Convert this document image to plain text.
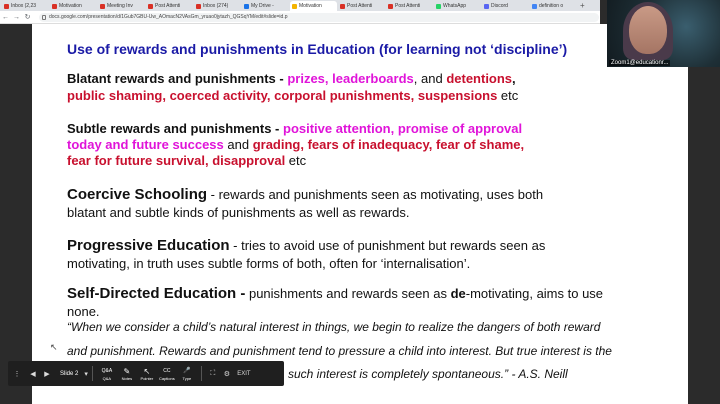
Inbox (2,23	Motivation	Meeting Inv	Post Attenti	Inbox (274)	My Drive -	Motivation	Post Attenti	Post Attenti	WhatsApp	Discord	definition o +
← → ↻	docs.google.com/presentation/d/1Gub7GBU-Uw_AOmacN2VAsGm_yruao0jytazh_QGSqYM/edit#slide=id.p
Use of rewards and punishments in Education (for learning not ‘discipline’)
Blatant rewards and punishments - prizes, leaderboards, and detentions,
public shaming, coerced activity, corporal punishments, suspensions etc
Subtle rewards and punishments - positive attention, promise of approval
today and future success and grading, fears of inadequacy, fear of shame,
fear for future survival, disapproval etc
Coercive Schooling - rewards and punishments seen as motivating, uses both
blatant and subtle kinds of punishments as well as rewards.
Progressive Education - tries to avoid use of punishment but rewards seen as
motivating, in truth uses subtle forms of both, often for ‘internalisation’.
Self-Directed Education - punishments and rewards seen as de-motivating, aims to use
none.
“When we consider a child’s natural interest in things, we begin to realize the dangers of both reward
and punishment. Rewards and punishment tend to pressure a child into interest. But true interest is the
such interest is completely spontaneous.” - A.S. Neill
Zoom1@educationr...
↖
⋮	◀	▶	Slide 2 ▾	Q&A
Q&A
✎
Notes
↖
Pointer
CC
Captions
🎤
Type
⛶	⚙	EXIT
